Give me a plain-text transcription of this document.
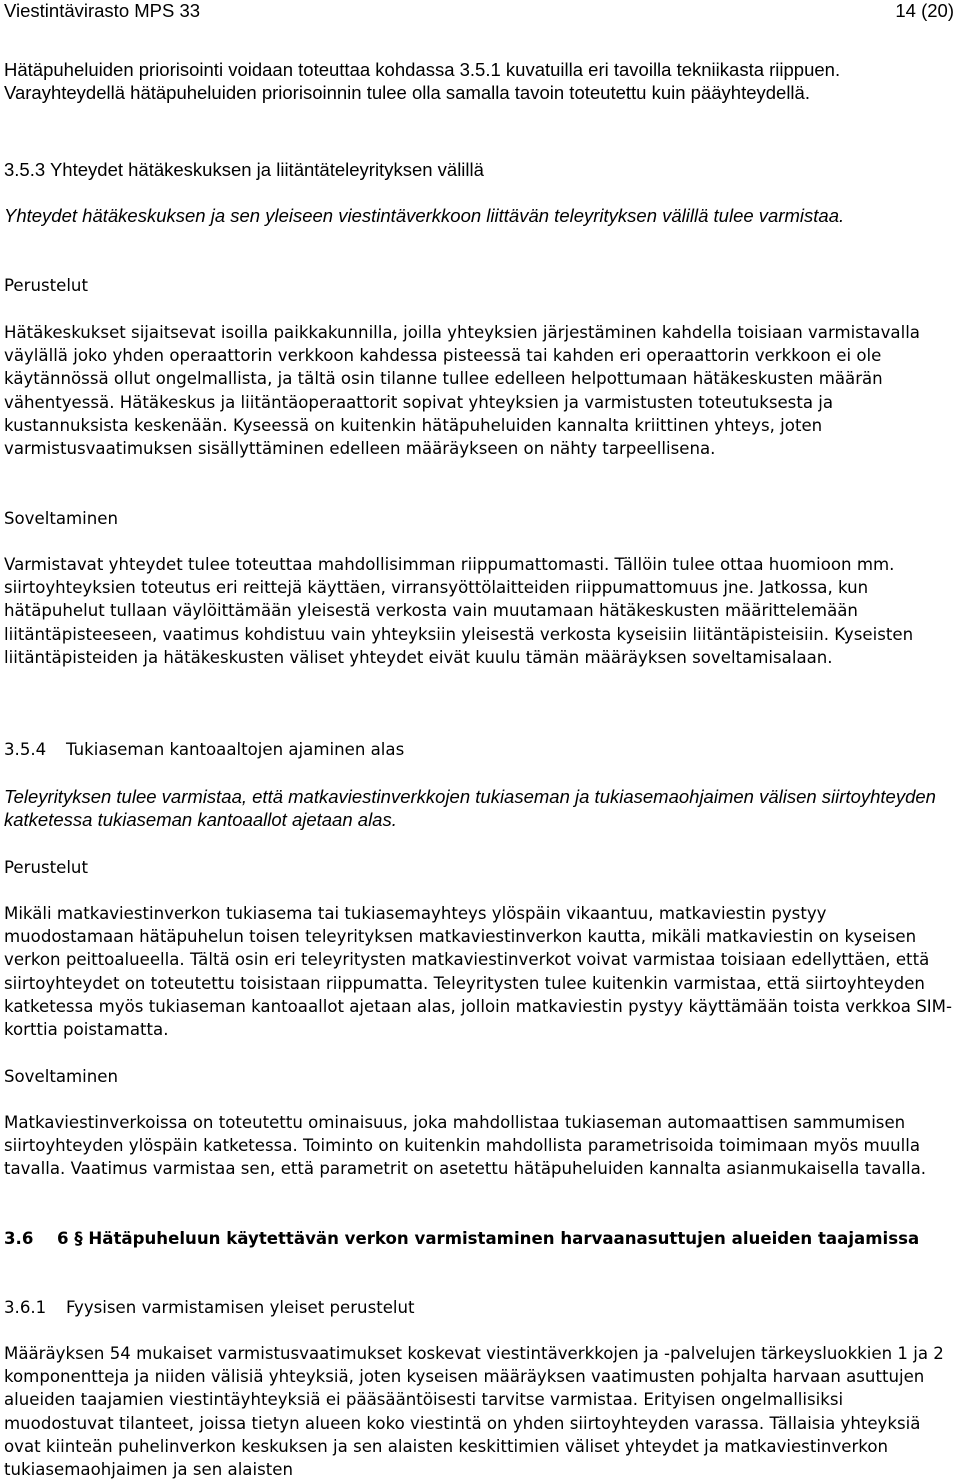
Viestintävirasto MPS 33	14 (20)

Hätäpuheluiden priorisointi voidaan toteuttaa kohdassa 3.5.1 kuvatuilla eri tavoilla tekniikasta riippuen. Varayhteydellä hätäpuheluiden priorisoinnin tulee olla samalla tavoin toteutettu kuin pääyhteydellä.

3.5.3 Yhteydet hätäkeskuksen ja liitäntäteleyrityksen välillä

Yhteydet hätäkeskuksen ja sen yleiseen viestintäverkkoon liittävän teleyrityksen välillä tulee varmistaa.

Perustelut

Hätäkeskukset sijaitsevat isoilla paikkakunnilla, joilla yhteyksien järjestäminen kahdella toisiaan varmistavalla väylällä joko yhden operaattorin verkkoon kahdessa pisteessä tai kahden eri operaattorin verkkoon ei ole käytännössä ollut ongelmallista, ja tältä osin tilanne tullee edelleen helpottumaan hätäkeskusten määrän vähentyessä. Hätäkeskus ja liitäntäoperaattorit sopivat yhteyksien ja varmistusten toteutuksesta ja kustannuksista keskenään. Kyseessä on kuitenkin hätäpuheluiden kannalta kriittinen yhteys, joten varmistusvaatimuksen sisällyttäminen edelleen määräykseen on nähty tarpeellisena.

Soveltaminen

Varmistavat yhteydet tulee toteuttaa mahdollisimman riippumattomasti. Tällöin tulee ottaa huomioon mm. siirtoyhteyksien toteutus eri reittejä käyttäen, virransyöttölaitteiden riippumattomuus jne. Jatkossa, kun hätäpuhelut tullaan väylöittämään yleisestä verkosta vain muutamaan hätäkeskusten määrittelemään liitäntäpisteeseen, vaatimus kohdistuu vain yhteyksiin yleisestä verkosta kyseisiin liitäntäpisteisiin. Kyseisten liitäntäpisteiden ja hätäkeskusten väliset yhteydet eivät kuulu tämän määräyksen soveltamisalaan.

3.5.4 Tukiaseman kantoaaltojen ajaminen alas

Teleyrityksen tulee varmistaa, että matkaviestinverkkojen tukiaseman ja tukiasemaohjaimen välisen siirtoyhteyden katketessa tukiaseman kantoaallot ajetaan alas.

Perustelut

Mikäli matkaviestinverkon tukiasema tai tukiasemayhteys ylöspäin vikaantuu, matkaviestin pystyy muodostamaan hätäpuhelun toisen teleyrityksen matkaviestinverkon kautta, mikäli matkaviestin on kyseisen verkon peittoalueella. Tältä osin eri teleyritysten matkaviestinverkot voivat varmistaa toisiaan edellyttäen, että siirtoyhteydet on toteutettu toisistaan riippumatta. Teleyritysten tulee kuitenkin varmistaa, että siirtoyhteyden katketessa myös tukiaseman kantoaallot ajetaan alas, jolloin matkaviestin pystyy käyttämään toista verkkoa SIM-korttia poistamatta.

Soveltaminen

Matkaviestinverkoissa on toteutettu ominaisuus, joka mahdollistaa tukiaseman automaattisen sammumisen siirtoyhteyden ylöspäin katketessa. Toiminto on kuitenkin mahdollista parametrisoida toimimaan myös muulla tavalla. Vaatimus varmistaa sen, että parametrit on asetettu hätäpuheluiden kannalta asianmukaisella tavalla.

3.6 6 § Hätäpuheluun käytettävän verkon varmistaminen harvaanasuttujen alueiden taajamissa
3.6.1 Fyysisen varmistamisen yleiset perustelut

Määräyksen 54 mukaiset varmistusvaatimukset koskevat viestintäverkkojen ja -palvelujen tärkeysluokkien 1 ja 2 komponentteja ja niiden välisiä yhteyksiä, joten kyseisen määräyksen vaatimusten pohjalta harvaan asuttujen alueiden taajamien viestintäyhteyksiä ei pääsääntöisesti tarvitse varmistaa. Erityisen ongelmallisiksi muodostuvat tilanteet, joissa tietyn alueen koko viestintä on yhden siirtoyhteyden varassa. Tällaisia yhteyksiä ovat kiinteän puhelinverkon keskuksen ja sen alaisten keskittimien väliset yhteydet ja matkaviestinverkon tukiasemaohjaimen ja sen alaisten
